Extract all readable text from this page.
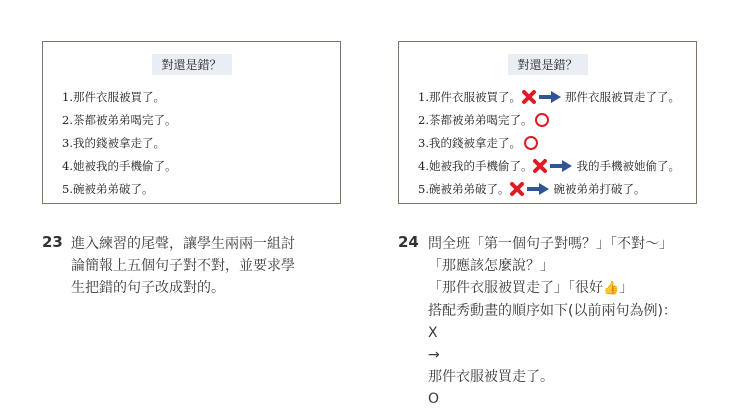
對還是錯？
1.那件衣服被買了。
2.茶都被弟弟喝完了。
3.我的錢被拿走了。
4.她被我的手機偷了。
5.碗被弟弟破了。
對還是錯？
1.那件衣服被買了。	那件衣服被買走了了。
2.茶都被弟弟喝完了。
3.我的錢被拿走了。
4.她被我的手機偷了。	我的手機被她偷了。
5.碗被弟弟破了。	碗被弟弟打破了。
23 進入練習的尾聲，讓學生兩兩一組討
論簡報上五個句子對不對，並要求學
生把錯的句子改成對的。
24 問全班「第一個句子對嗎？」「不對～」
「那應該怎麼說？」
「那件衣服被買走了」「很好👍」
搭配秀動畫的順序如下(以前兩句為例)：
X
→
那件衣服被買走了。
O
